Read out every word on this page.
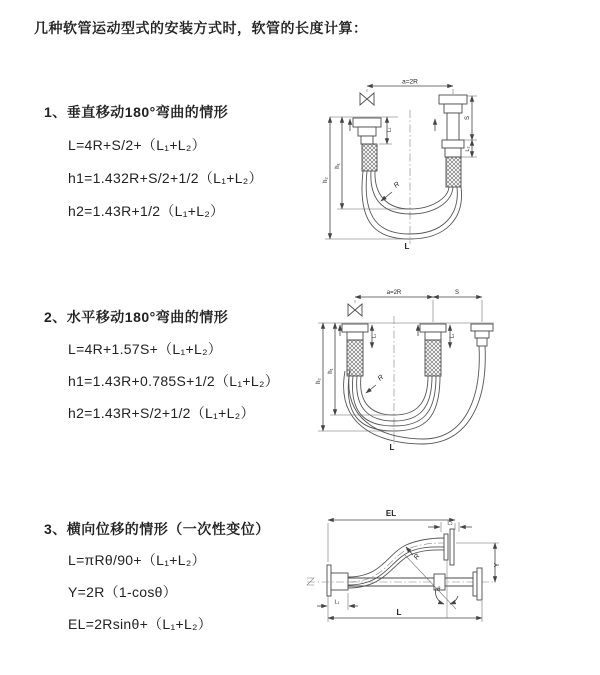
几种软管运动型式的安装方式时，软管的长度计算：
1、垂直移动180°弯曲的情形
L=4R+S/2+（L₁+L₂）
h1=1.432R+S/2+1/2（L₁+L₂）
h2=1.43R+1/2（L₁+L₂）
2、水平移动180°弯曲的情形
L=4R+1.57S+（L₁+L₂）
h1=1.43R+0.785S+1/2（L₁+L₂）
h2=1.43R+S/2+1/2（L₁+L₂）
3、横向位移的情形（一次性变位）
L=πRθ/90+（L₁+L₂）
Y=2R（1-cosθ）
EL=2Rsinθ+（L₁+L₂）
a=2R
R
h₁
h₂
L₁
S
L₂
L
a=2R	S
L₁	L₂
R
h₁
h₂
L
EL
L₂
θ
R
Y
L
L₁
